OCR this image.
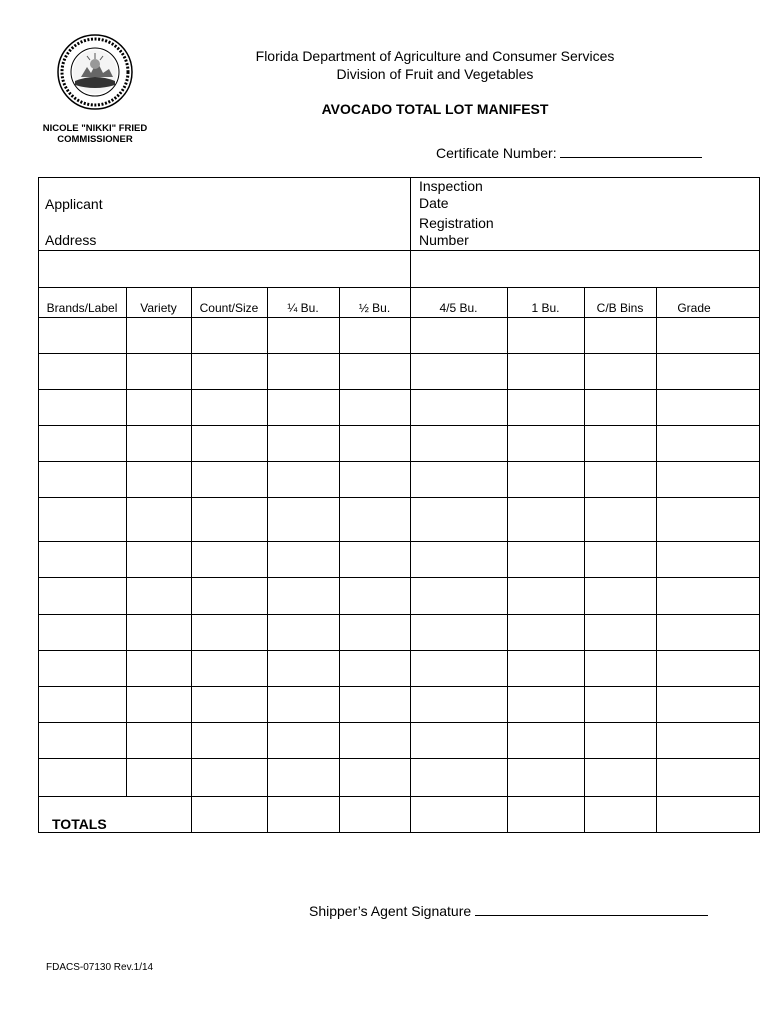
NICOLE "NIKKI" FRIED
COMMISSIONER
Florida Department of Agriculture and Consumer Services
Division of Fruit and Vegetables
AVOCADO TOTAL LOT MANIFEST
Certificate Number:
Applicant
Address
Inspection
Date
Registration
Number
Brands/Label	Variety	Count/Size	¼ Bu.	½ Bu.	4/5 Bu.	1 Bu.	C/B Bins	Grade
TOTALS
Shipper’s Agent Signature
FDACS-07130 Rev.1/14
